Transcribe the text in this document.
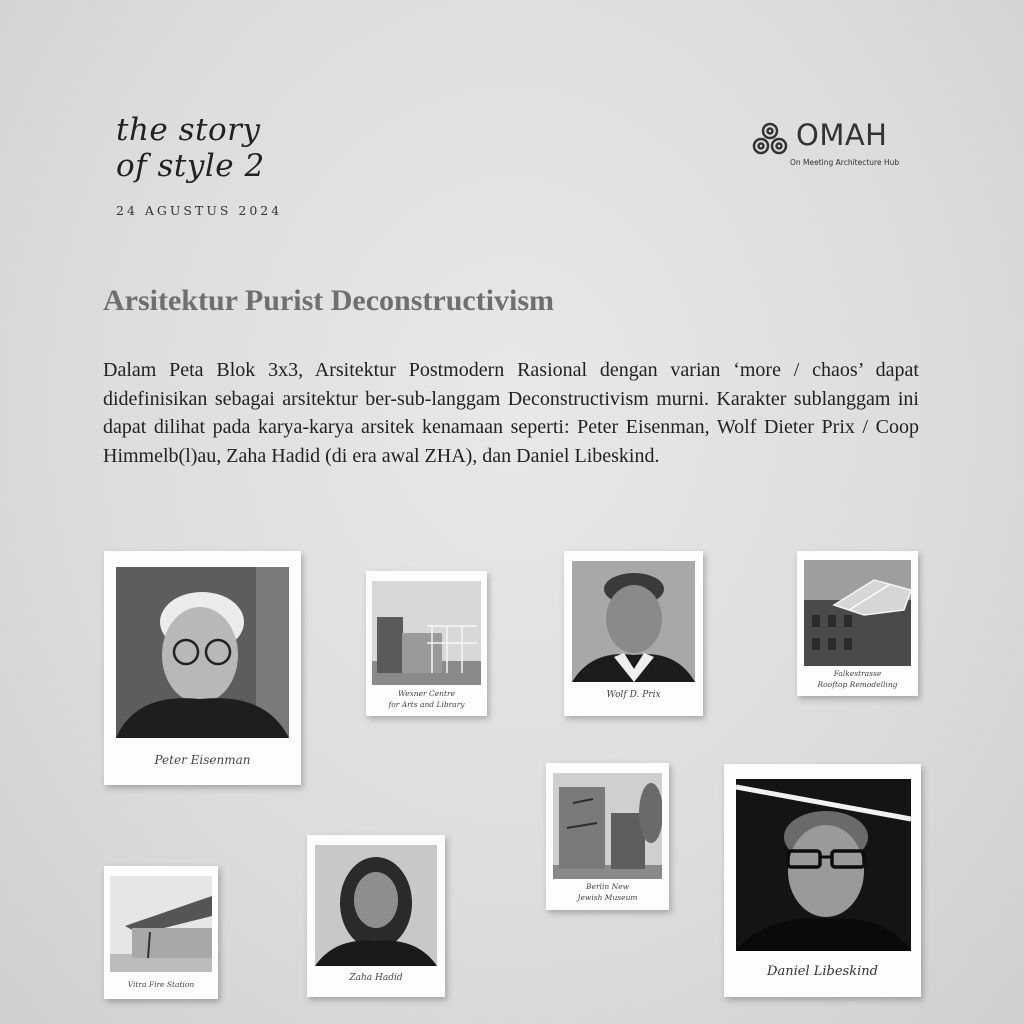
the story
of style 2
24 AGUSTUS 2024
OMAH
On Meeting Architecture Hub
Arsitektur Purist Deconstructivism
Dalam Peta Blok 3x3, Arsitektur Postmodern Rasional dengan varian ‘more / chaos’ dapat didefinisikan sebagai arsitektur ber-sub-langgam Deconstructivism murni. Karakter sublanggam ini dapat dilihat pada karya-karya arsitek kenamaan seperti: Peter Eisenman, Wolf Dieter Prix / Coop Himmelb(l)au, Zaha Hadid (di era awal ZHA), dan Daniel Libeskind.
Peter Eisenman
Wexner Centre
for Arts and Library
Wolf D. Prix
Falkestrasse
Rooftop Remodelling
Berlin New
Jewish Museum
Vitra Fire Station
Zaha Hadid	Daniel Libeskind
